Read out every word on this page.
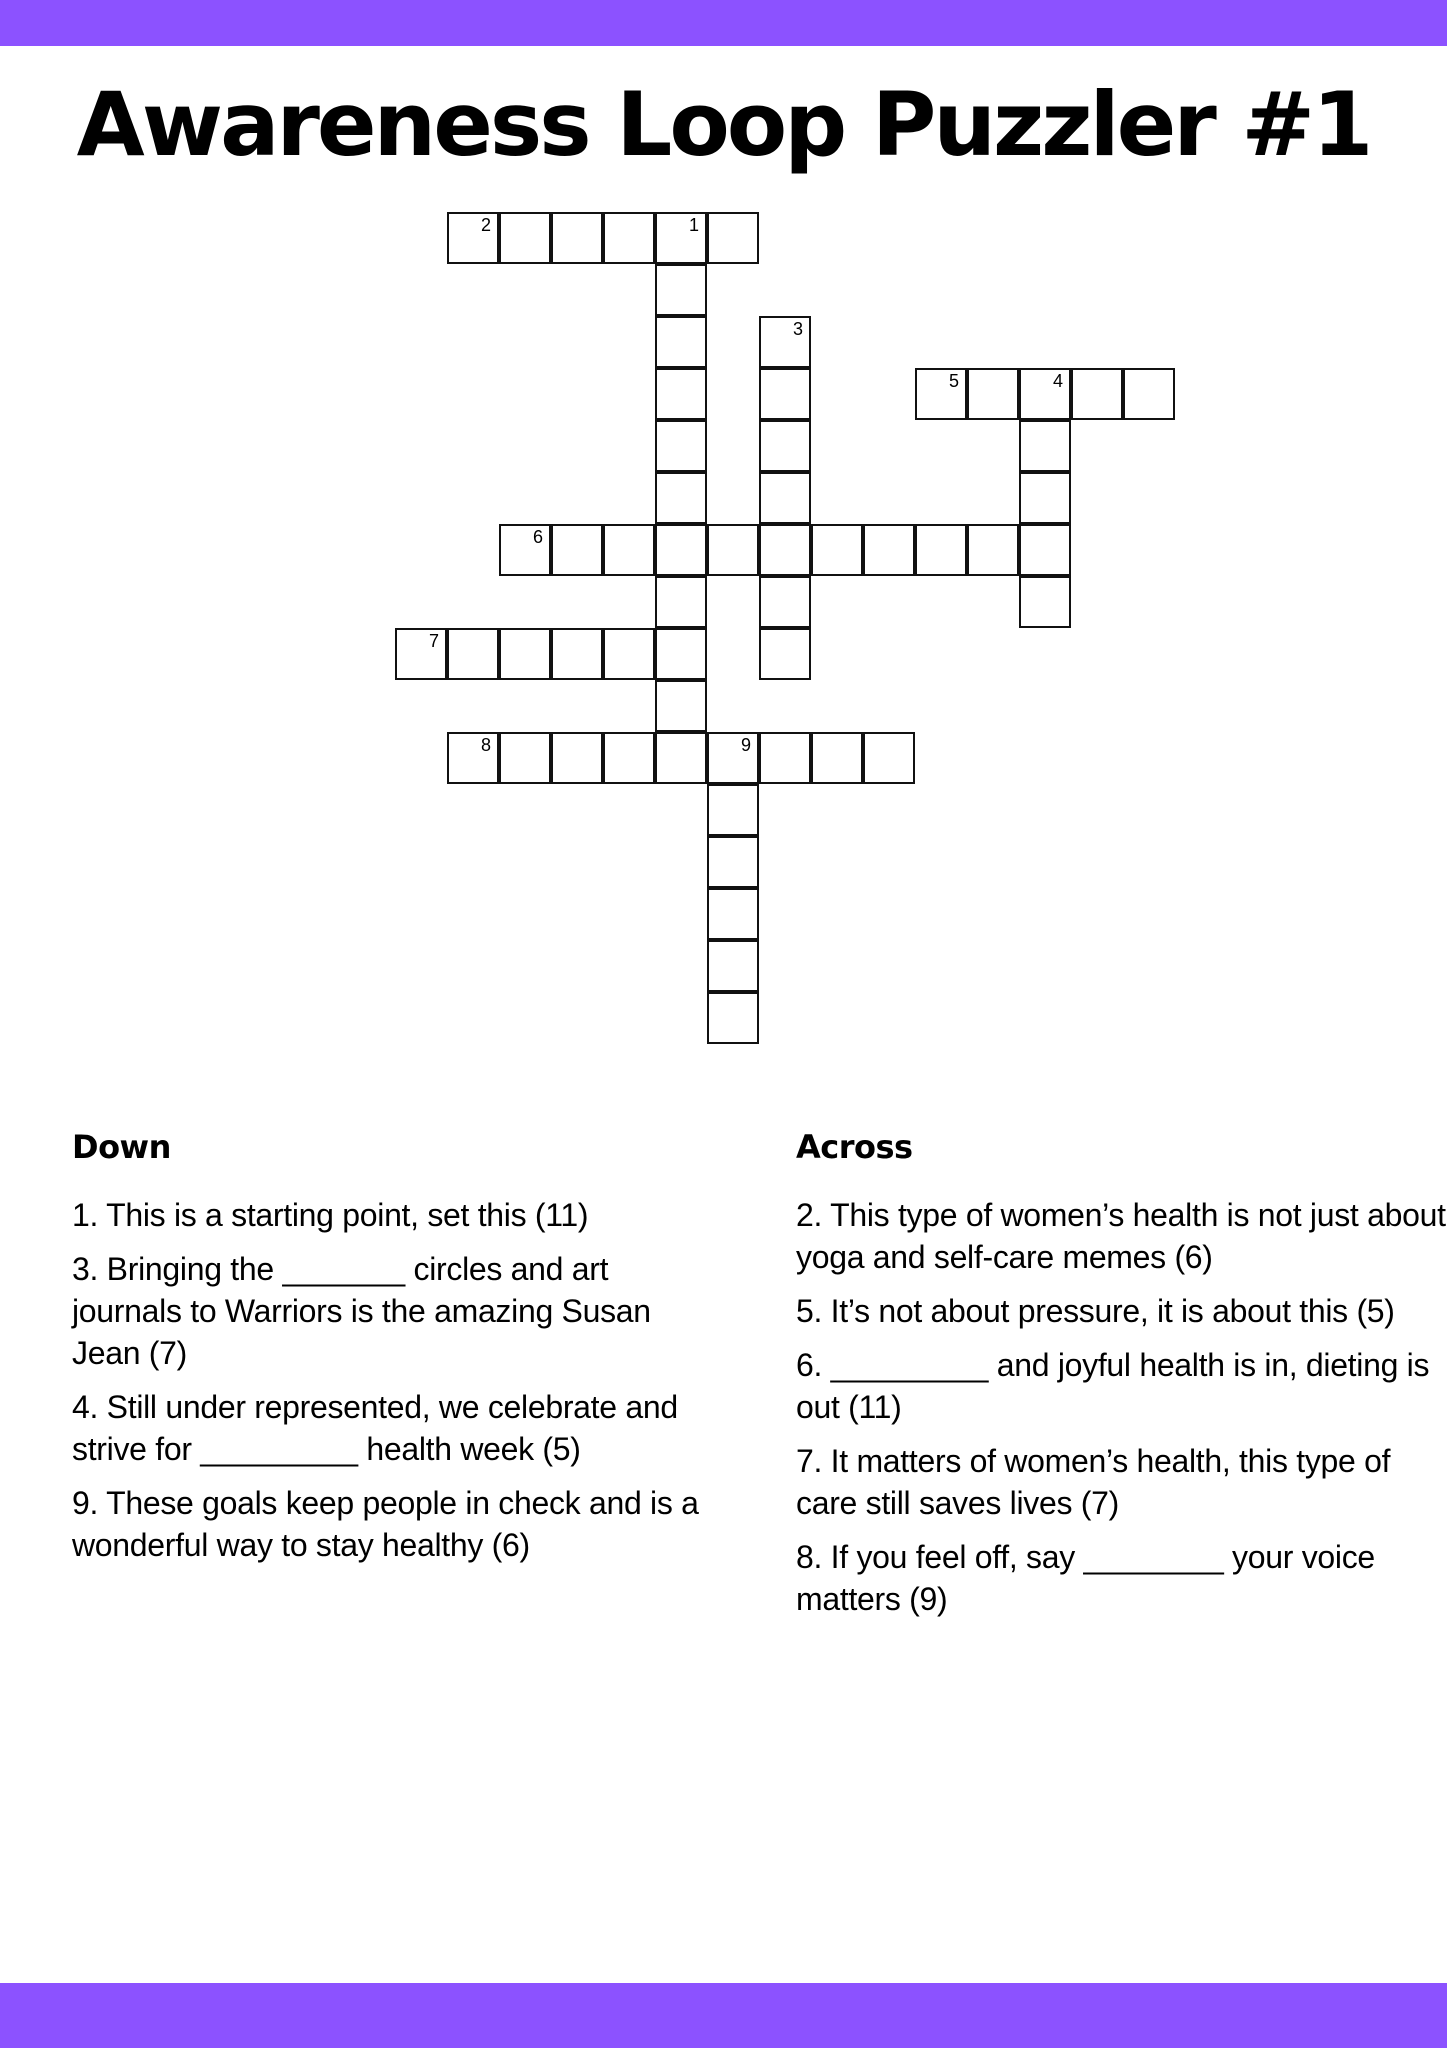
Awareness Loop Puzzler #1
2	1
3
5	4
6
7
8	9
Down
1. This is a starting point, set this (11)
3. Bringing the _______ circles and art journals to Warriors is the amazing Susan Jean (7)
4. Still under represented, we celebrate and strive for _________ health week (5)
9. These goals keep people in check and is a wonderful way to stay healthy (6)
Across
2. This type of women’s health is not just about yoga and self-care memes (6)
5. It’s not about pressure, it is about this (5)
6. _________ and joyful health is in, dieting is out (11)
7. It matters of women’s health, this type of care still saves lives (7)
8. If you feel off, say ________ your voice matters (9)
